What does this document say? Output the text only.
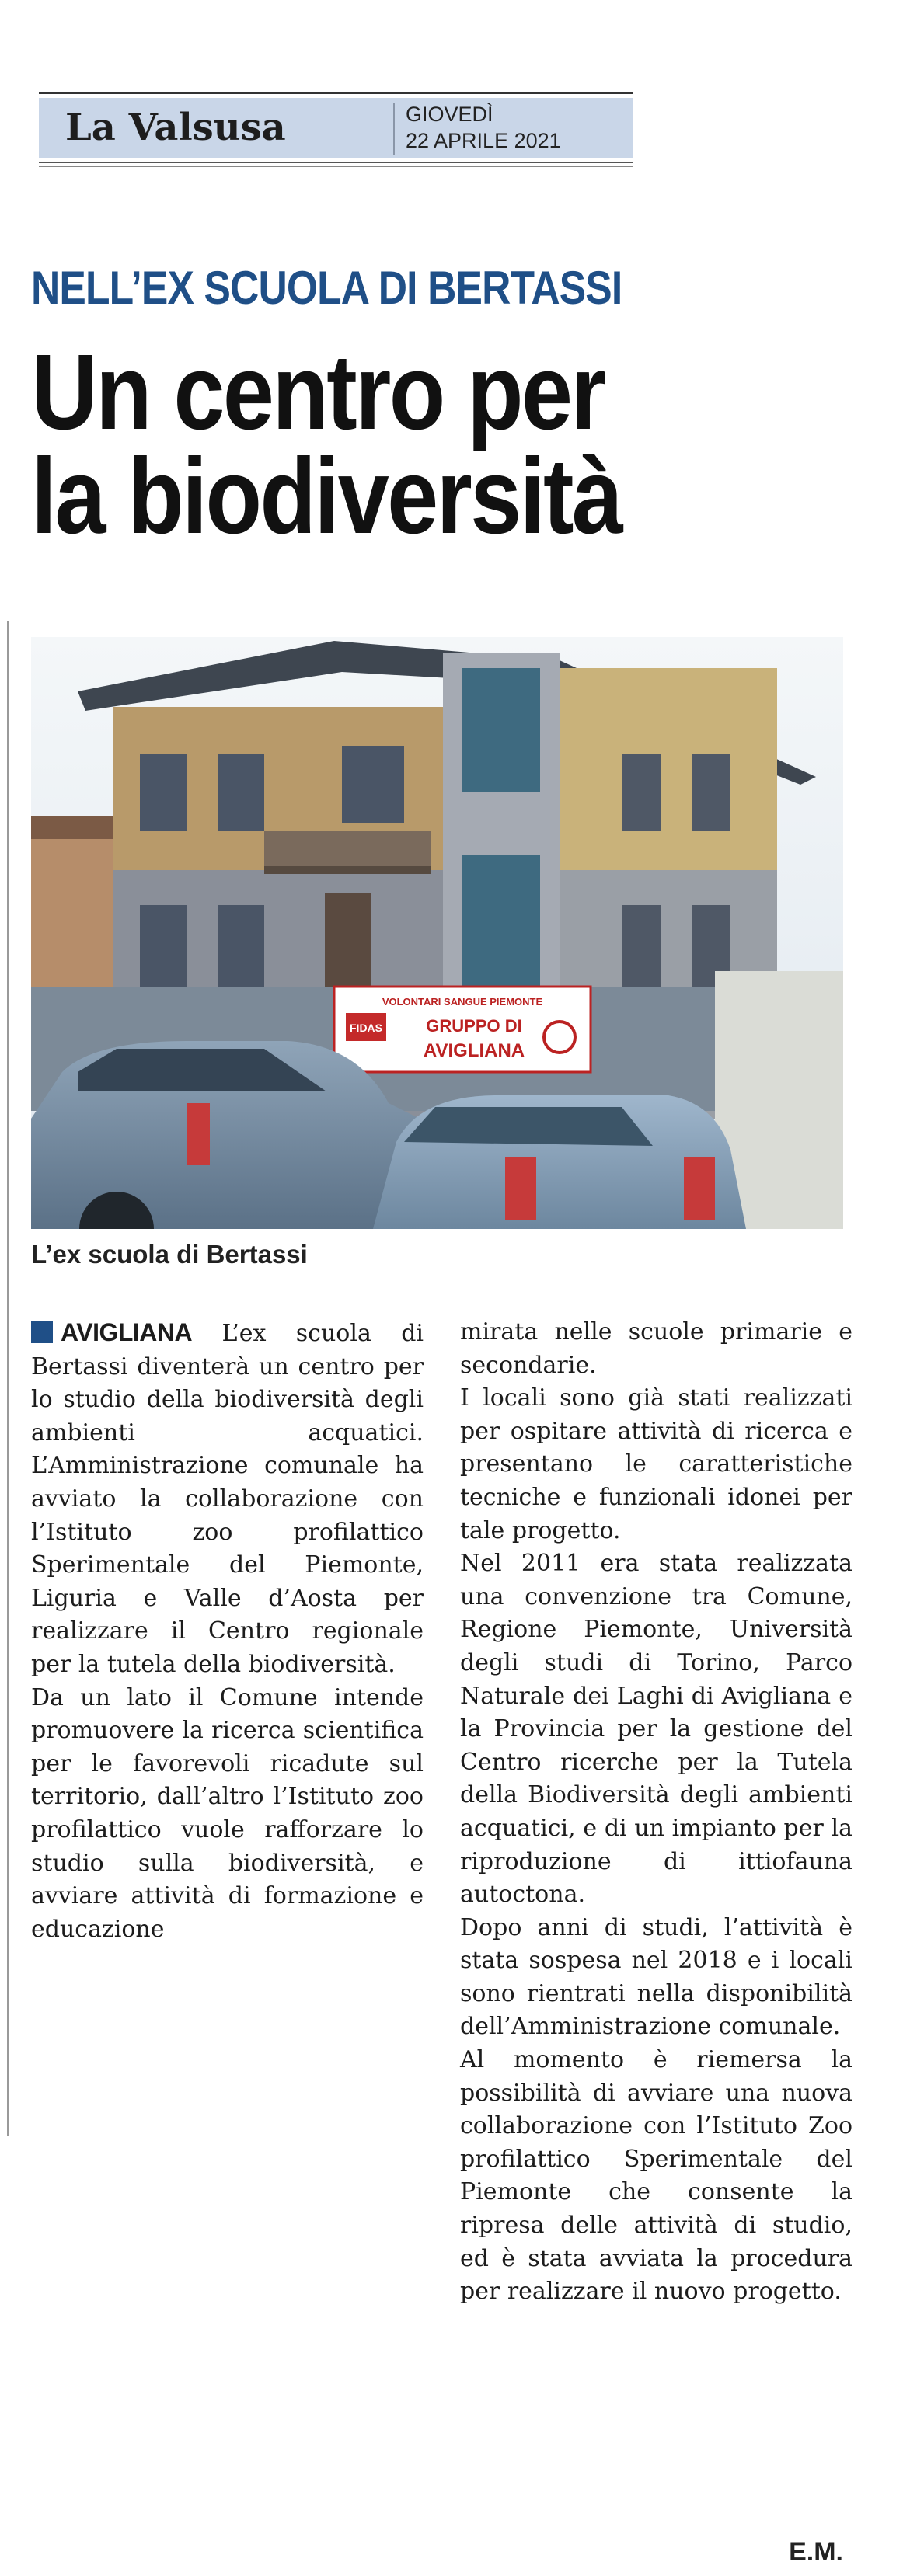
La Valsusa	GIOVEDÌ
22 APRILE 2021
NELL’EX SCUOLA DI BERTASSI
Un centro per
la biodiversità
VOLONTARI SANGUE PIEMONTE
FIDAS	GRUPPO DI
AVIGLIANA
L’ex scuola di Bertassi

AVIGLIANA L’ex scuola di Bertassi diventerà un centro per lo studio della biodiversità degli ambienti acquatici. L’Amministrazione comunale ha avviato la collaborazione con l’Istituto zoo profilattico Sperimentale del Piemonte, Liguria e Valle d’Aosta per realizzare il Centro regionale per la tutela della biodiversità.

Da un lato il Comune intende promuovere la ricerca scientifica per le favorevoli ricadute sul territorio, dall’altro l’Istituto zoo profilattico vuole rafforzare lo studio sulla biodiversità, e avviare attività di formazione e educazione

mirata nelle scuole primarie e secondarie.

I locali sono già stati realizzati per ospitare attività di ricerca e presentano le caratteristiche tecniche e funzionali idonei per tale progetto.

Nel 2011 era stata realizzata una convenzione tra Comune, Regione Piemonte, Università degli studi di Torino, Parco Naturale dei Laghi di Avigliana e la Provincia per la gestione del Centro ricerche per la Tutela della Biodiversità degli ambienti acquatici, e di un impianto per la riproduzione di ittiofauna autoctona.

Dopo anni di studi, l’attività è stata sospesa nel 2018 e i locali sono rientrati nella disponibilità dell’Amministrazione comunale.

Al momento è riemersa la possibilità di avviare una nuova collaborazione con l’Istituto Zoo profilattico Sperimentale del Piemonte che consente la ripresa delle attività di studio, ed è stata avviata la procedura per realizzare il nuovo progetto.

E.M.
